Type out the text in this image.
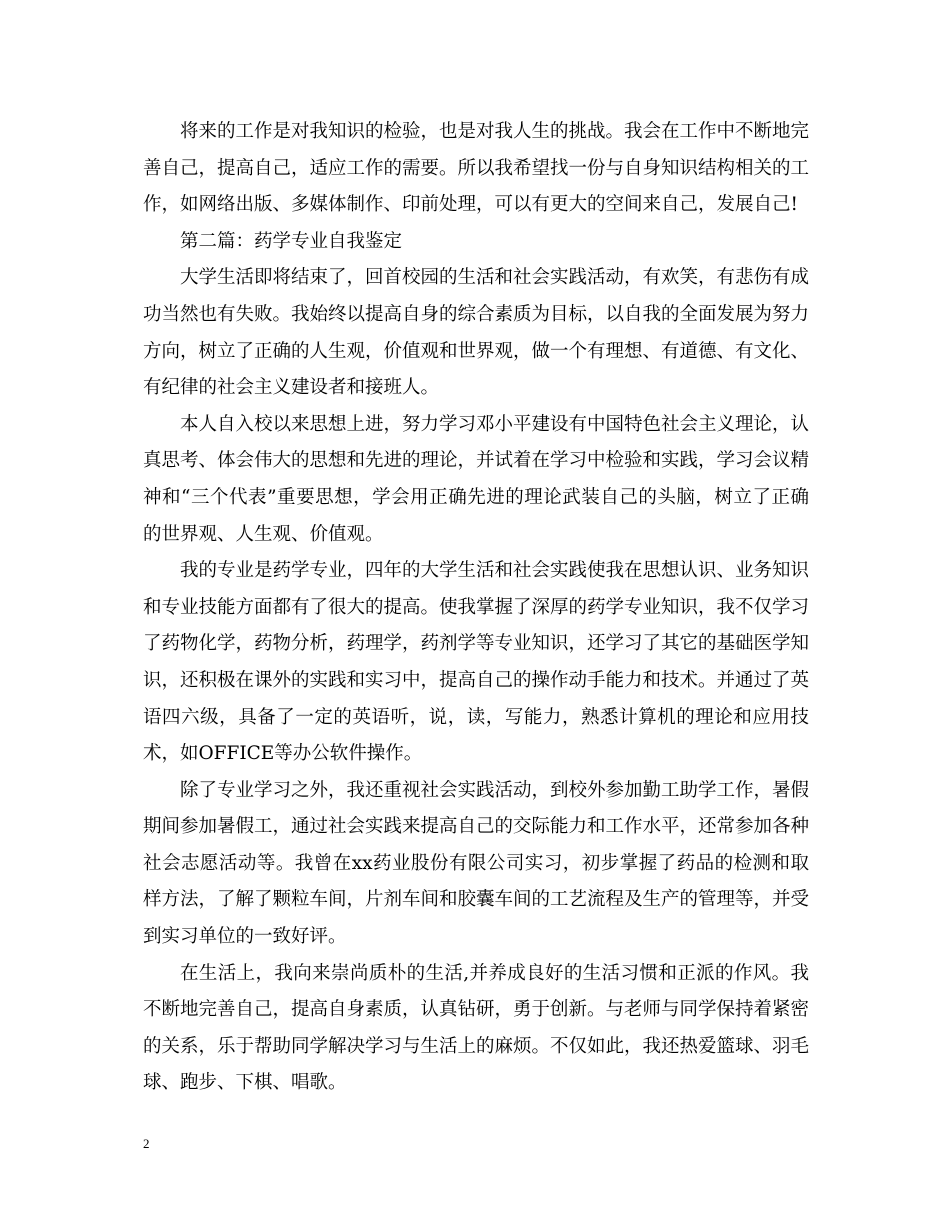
将来的工作是对我知识的检验，也是对我人生的挑战。我会在工作中不断地完善自己，提高自己，适应工作的需要。所以我希望找一份与自身知识结构相关的工作，如网络出版、多媒体制作、印前处理，可以有更大的空间来自己，发展自己!

第二篇：药学专业自我鉴定

大学生活即将结束了，回首校园的生活和社会实践活动，有欢笑，有悲伤有成功当然也有失败。我始终以提高自身的综合素质为目标，以自我的全面发展为努力方向，树立了正确的人生观，价值观和世界观，做一个有理想、有道德、有文化、有纪律的社会主义建设者和接班人。

本人自入校以来思想上进，努力学习邓小平建设有中国特色社会主义理论，认真思考、体会伟大的思想和先进的理论，并试着在学习中检验和实践，学习会议精神和“三个代表”重要思想，学会用正确先进的理论武装自己的头脑，树立了正确的世界观、人生观、价值观。

我的专业是药学专业，四年的大学生活和社会实践使我在思想认识、业务知识和专业技能方面都有了很大的提高。使我掌握了深厚的药学专业知识，我不仅学习了药物化学，药物分析，药理学，药剂学等专业知识，还学习了其它的基础医学知识，还积极在课外的实践和实习中，提高自己的操作动手能力和技术。并通过了英语四六级，具备了一定的英语听，说，读，写能力，熟悉计算机的理论和应用技术，如OFFICE等办公软件操作。

除了专业学习之外，我还重视社会实践活动，到校外参加勤工助学工作，暑假期间参加暑假工，通过社会实践来提高自己的交际能力和工作水平，还常参加各种社会志愿活动等。我曾在xx药业股份有限公司实习，初步掌握了药品的检测和取样方法，了解了颗粒车间，片剂车间和胶囊车间的工艺流程及生产的管理等，并受到实习单位的一致好评。

在生活上，我向来崇尚质朴的生活,并养成良好的生活习惯和正派的作风。我不断地完善自己，提高自身素质，认真钻研，勇于创新。与老师与同学保持着紧密的关系，乐于帮助同学解决学习与生活上的麻烦。不仅如此，我还热爱篮球、羽毛球、跑步、下棋、唱歌。

2
